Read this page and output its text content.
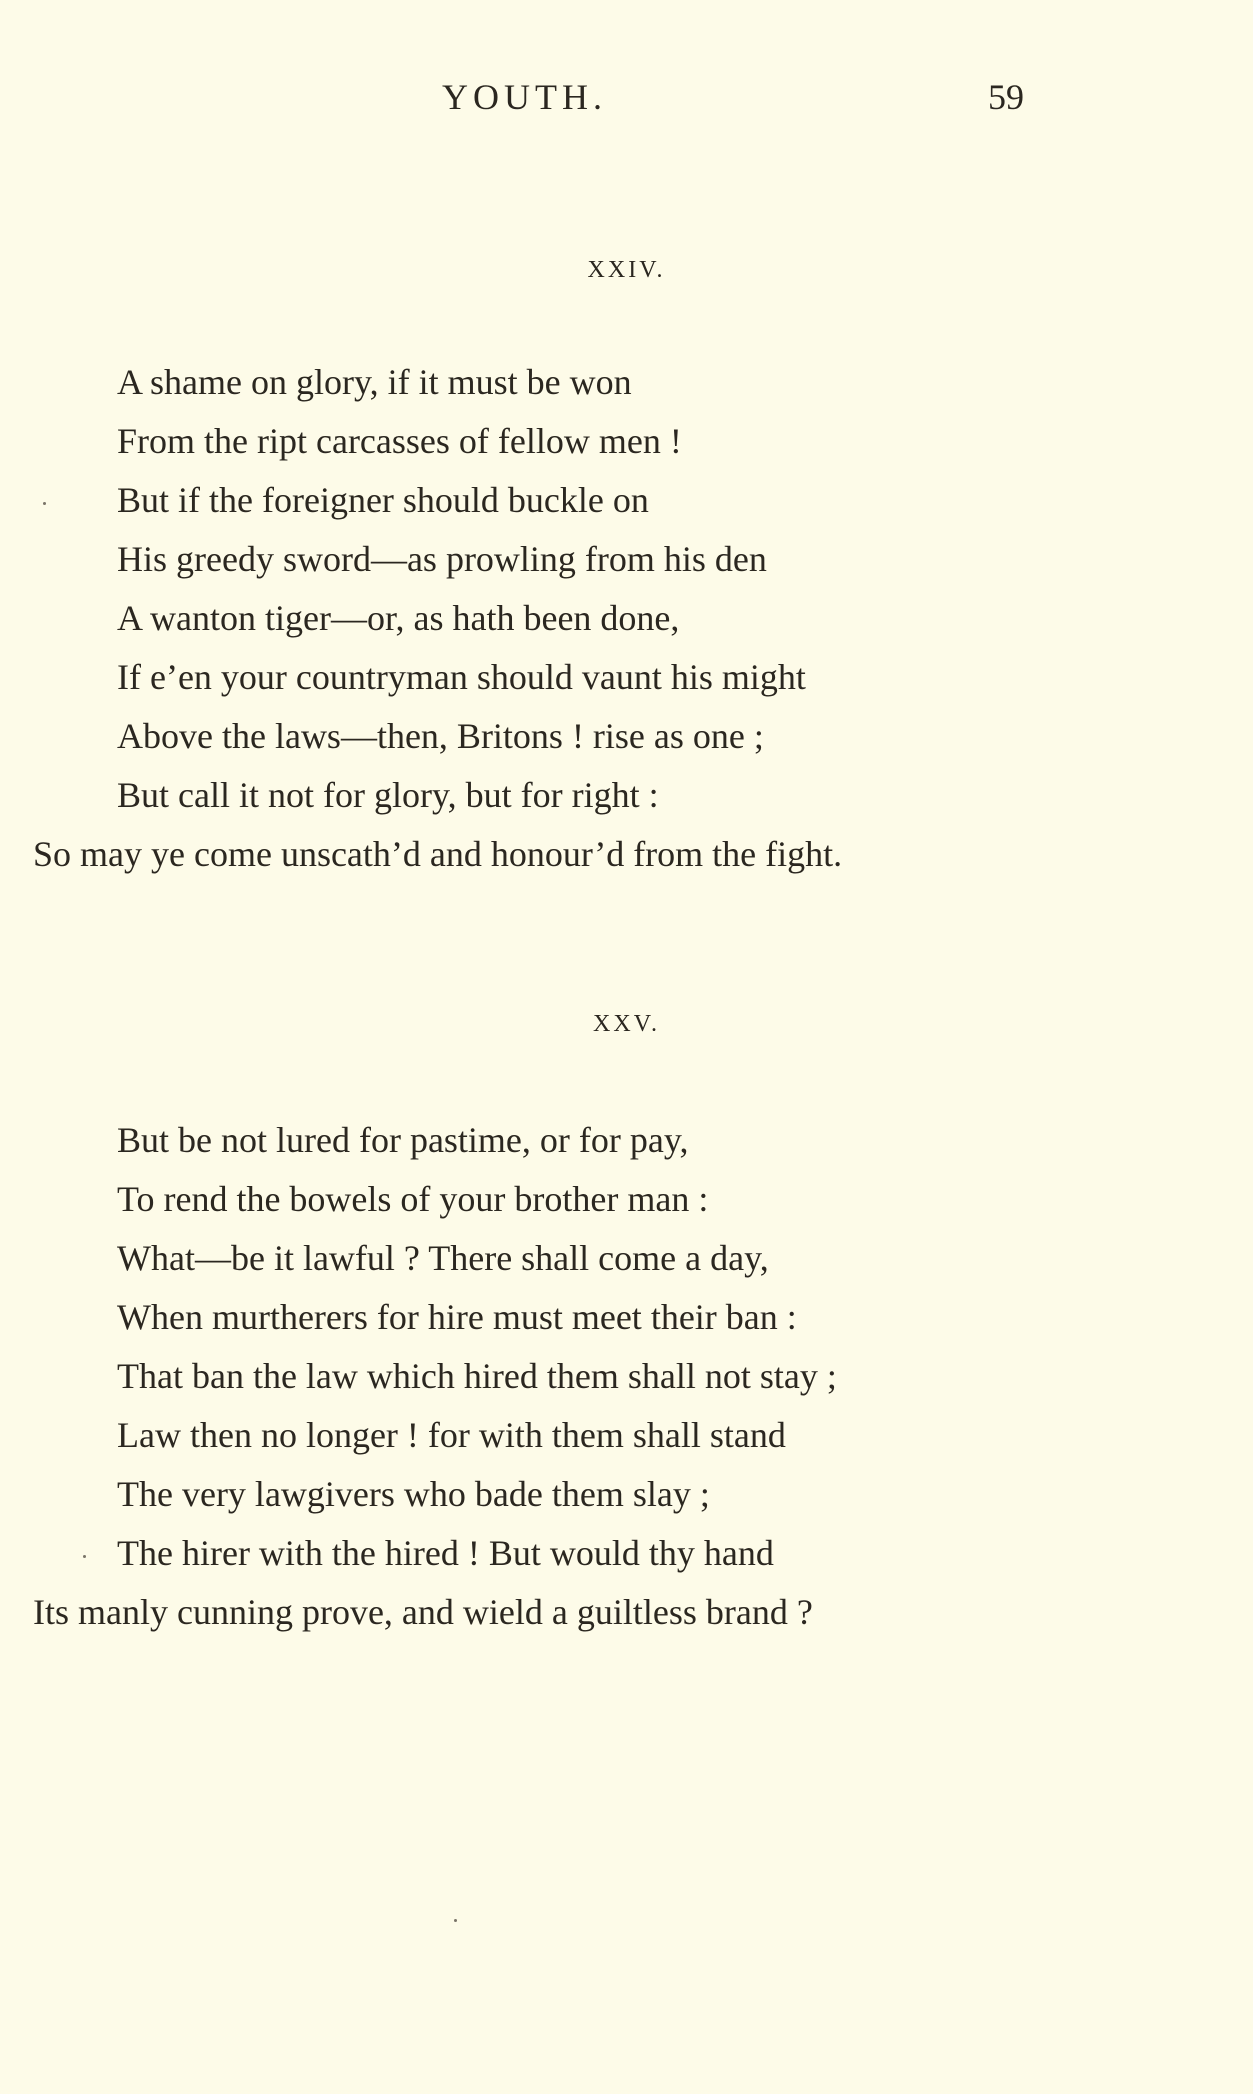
YOUTH.	59
XXIV.
A shame on glory, if it must be won
From the ript carcasses of fellow men !
But if the foreigner should buckle on
His greedy sword—as prowling from his den
A wanton tiger—or, as hath been done,
If e’en your countryman should vaunt his might
Above the laws—then, Britons ! rise as one ;
But call it not for glory, but for right :
So may ye come unscath’d and honour’d from the fight.
XXV.
But be not lured for pastime, or for pay,
To rend the bowels of your brother man :
What—be it lawful ? There shall come a day,
When murtherers for hire must meet their ban :
That ban the law which hired them shall not stay ;
Law then no longer ! for with them shall stand
The very lawgivers who bade them slay ;
The hirer with the hired ! But would thy hand
Its manly cunning prove, and wield a guiltless brand ?
